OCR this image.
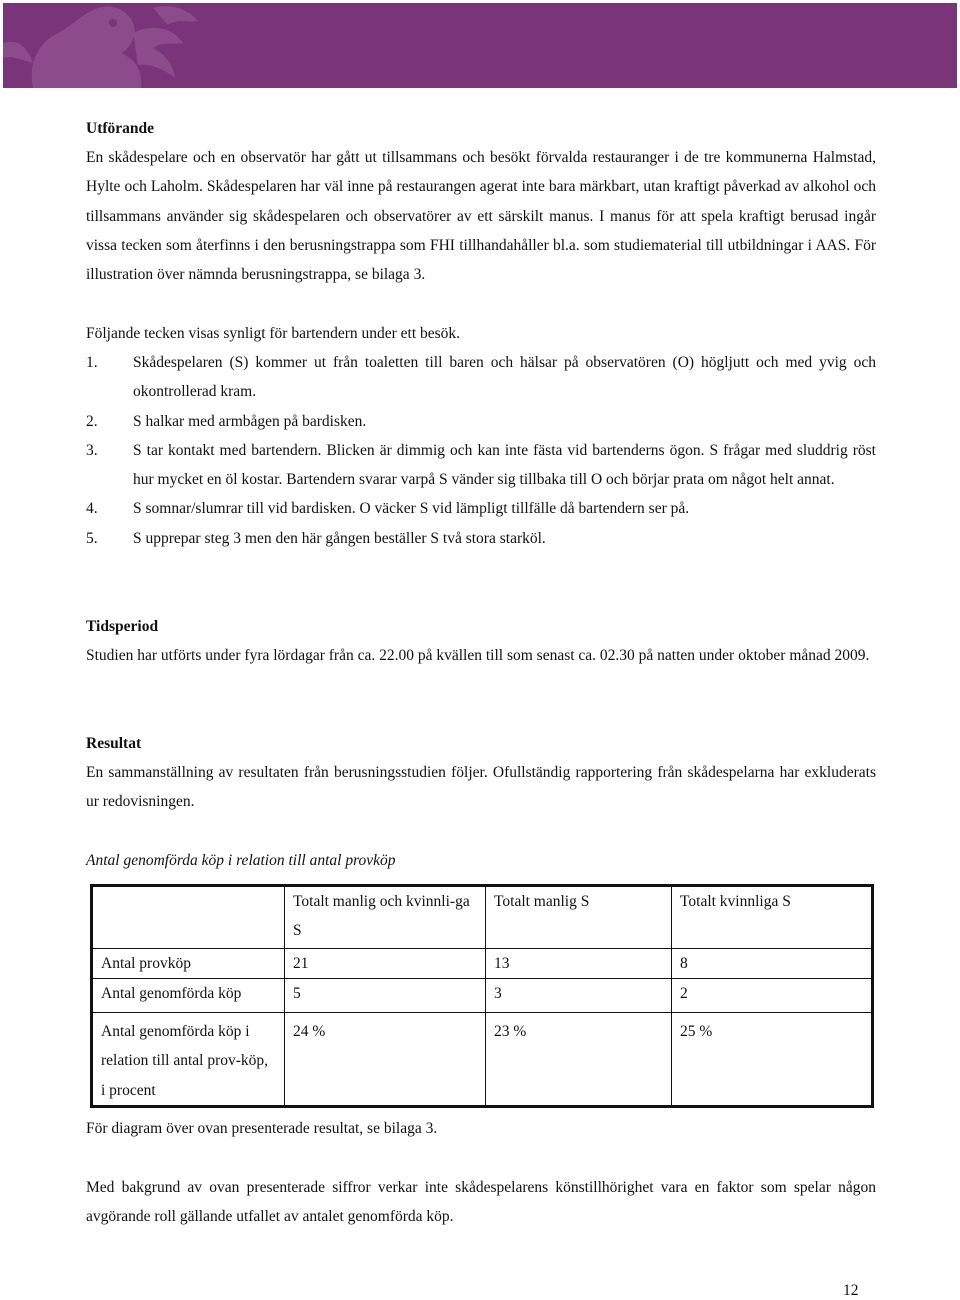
Utförande

En skådespelare och en observatör har gått ut tillsammans och besökt förvalda restauranger i de tre kommunerna Halmstad, Hylte och Laholm. Skådespelaren har väl inne på restaurangen agerat inte bara märkbart, utan kraftigt påverkad av alkohol och tillsammans använder sig skådespelaren och observatörer av ett särskilt manus. I manus för att spela kraftigt berusad ingår vissa tecken som återfinns i den berusningstrappa som FHI tillhandahåller bl.a. som studiematerial till utbildningar i AAS. För illustration över nämnda berusningstrappa, se bilaga 3.

Följande tecken visas synligt för bartendern under ett besök.

1. Skådespelaren (S) kommer ut från toaletten till baren och hälsar på observatören (O) högljutt och med yvig och okontrollerad kram.
2. S halkar med armbågen på bardisken.
3. S tar kontakt med bartendern. Blicken är dimmig och kan inte fästa vid bartenderns ögon. S frågar med sluddrig röst hur mycket en öl kostar. Bartendern svarar varpå S vänder sig tillbaka till O och börjar prata om något helt annat.
4. S somnar/slumrar till vid bardisken. O väcker S vid lämpligt tillfälle då bartendern ser på.
5. S upprepar steg 3 men den här gången beställer S två stora starköl.
Tidsperiod

Studien har utförts under fyra lördagar från ca. 22.00 på kvällen till som senast ca. 02.30 på natten under oktober månad 2009.

Resultat

En sammanställning av resultaten från berusningsstudien följer. Ofullständig rapportering från skådespelarna har exkluderats ur redovisningen.

Antal genomförda köp i relation till antal provköp
	Totalt manlig och kvinnli-ga S	Totalt manlig S	Totalt kvinnliga S
Antal provköp	21	13	8
Antal genomförda köp	5	3	2
Antal genomförda köp i relation till antal prov-köp, i procent	24 %	23 %	25 %

För diagram över ovan presenterade resultat, se bilaga 3.

Med bakgrund av ovan presenterade siffror verkar inte skådespelarens könstillhörighet vara en faktor som spelar någon avgörande roll gällande utfallet av antalet genomförda köp.

12
